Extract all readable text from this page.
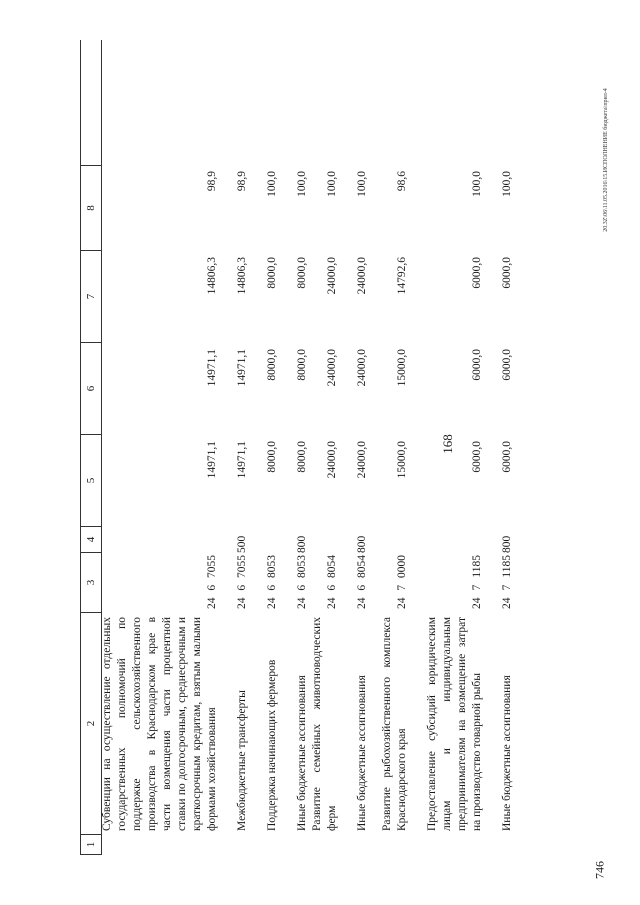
168
746
20.3Z\06\11.05.2016\15.ИСПОЛНЕНИЕ бюджета\прил-4
1
2
3
4
5
6
7
8
Субвенции на осуществление отдельных государственных полномочий по поддержке сельскохозяйственного производства в Краснодарском крае в части возмещения части процентной ставки по долгосрочным, среднесрочным и краткосрочным кредитам, взятым малыми формами хозяйствования
24
6
7055
14971,1
14971,1
14806,3
98,9
Межбюджетные трансферты
24
6
7055
500
14971,1
14971,1
14806,3
98,9
Поддержка начинающих фермеров
24
6
8053
8000,0
8000,0
8000,0
100,0
Иные бюджетные ассигнования
24
6
8053
800
8000,0
8000,0
8000,0
100,0
Развитие семейных животноводческих ферм
24
6
8054
24000,0
24000,0
24000,0
100,0
Иные бюджетные ассигнования
24
6
8054
800
24000,0
24000,0
24000,0
100,0
Развитие рыбохозяйственного комплекса Краснодарского края
24
7
0000
15000,0
15000,0
14792,6
98,6
Предоставление субсидий юридическим лицам и индивидуальным предпринимателям на возмещение затрат на производство товарной рыбы
24
7
1185
6000,0
6000,0
6000,0
100,0
Иные бюджетные ассигнования
24
7
1185
800
6000,0
6000,0
6000,0
100,0
